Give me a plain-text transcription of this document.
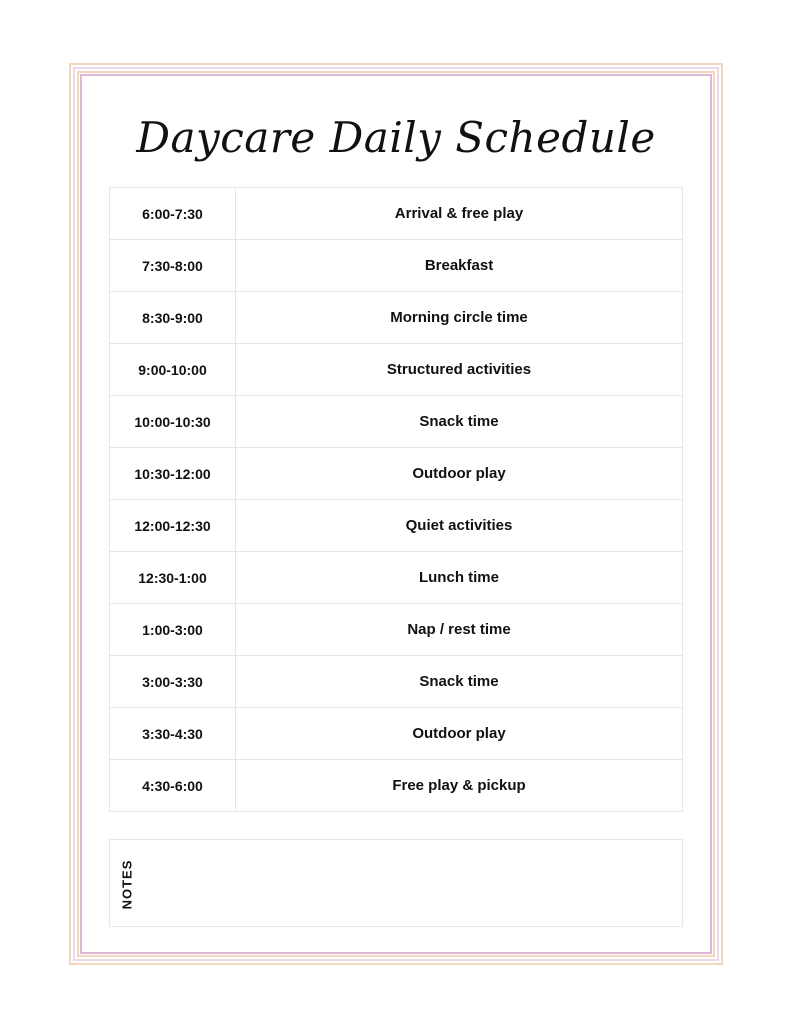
Daycare Daily Schedule
6:00-7:30	Arrival & free play
7:30-8:00	Breakfast
8:30-9:00	Morning circle time
9:00-10:00	Structured activities
10:00-10:30	Snack time
10:30-12:00	Outdoor play
12:00-12:30	Quiet activities
12:30-1:00	Lunch time
1:00-3:00	Nap / rest time
3:00-3:30	Snack time
3:30-4:30	Outdoor play
4:30-6:00	Free play & pickup
NOTES
